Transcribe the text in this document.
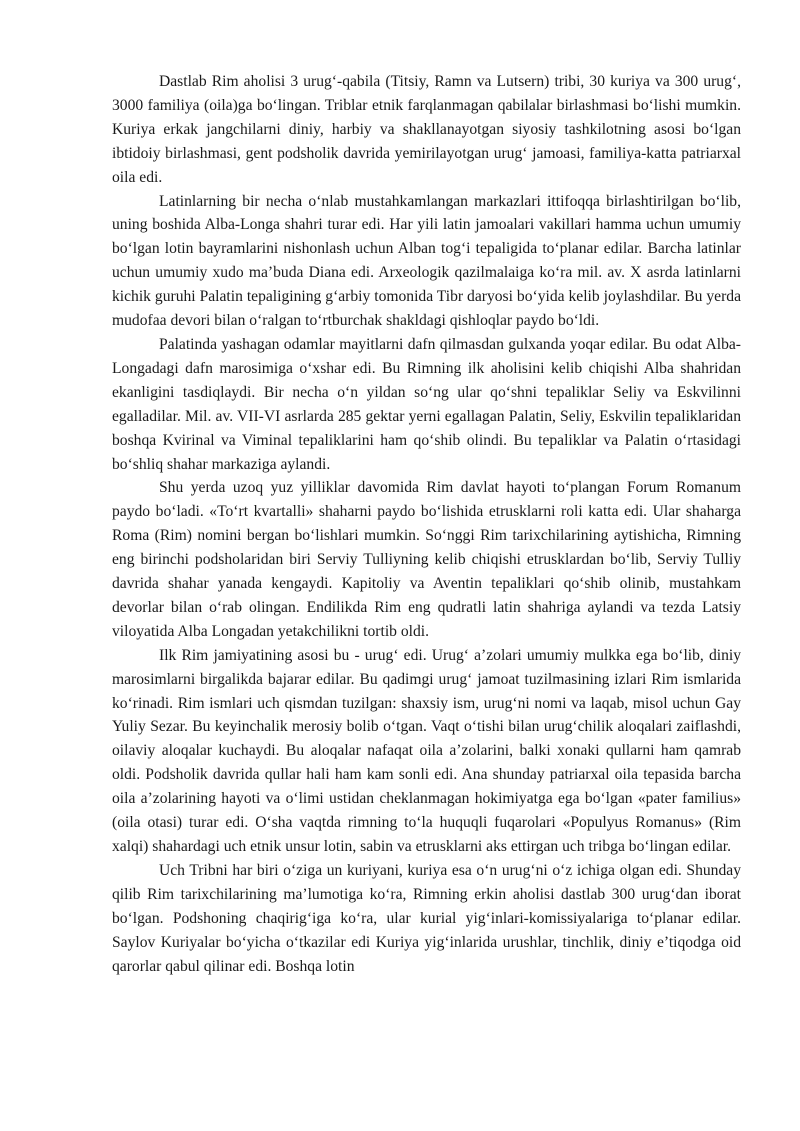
Dastlab Rim aholisi 3 urug‘-qabila (Titsiy, Ramn va Lutsern) tribi, 30 kuriya va 300 urug‘, 3000 familiya (oila)ga bo‘lingan. Triblar etnik farqlanmagan qabilalar birlashmasi bo‘lishi mumkin. Kuriya erkak jangchilarni diniy, harbiy va shakllanayotgan siyosiy tashkilotning asosi bo‘lgan ibtidoiy birlashmasi, gent podsholik davrida yemirilayotgan urug‘ jamoasi, familiya-katta patriarxal oila edi.

Latinlarning bir necha o‘nlab mustahkamlangan markazlari ittifoqqa birlashtirilgan bo‘lib, uning boshida Alba-Longa shahri turar edi. Har yili latin jamoalari vakillari hamma uchun umumiy bo‘lgan lotin bayramlarini nishonlash uchun Alban tog‘i tepaligida to‘planar edilar. Barcha latinlar uchun umumiy xudo ma’buda Diana edi. Arxeologik qazilmalaiga ko‘ra mil. av. X asrda latinlarni kichik guruhi Palatin tepaligining g‘arbiy tomonida Tibr daryosi bo‘yida kelib joylashdilar. Bu yerda mudofaa devori bilan o‘ralgan to‘rtburchak shakldagi qishloqlar paydo bo‘ldi.

Palatinda yashagan odamlar mayitlarni dafn qilmasdan gulxanda yoqar edilar. Bu odat Alba-Longadagi dafn marosimiga o‘xshar edi. Bu Rimning ilk aholisini kelib chiqishi Alba shahridan ekanligini tasdiqlaydi. Bir necha o‘n yildan so‘ng ular qo‘shni tepaliklar Seliy va Eskvilinni egalladilar. Mil. av. VII-VI asrlarda 285 gektar yerni egallagan Palatin, Seliy, Eskvilin tepaliklaridan boshqa Kvirinal va Viminal tepaliklarini ham qo‘shib olindi. Bu tepaliklar va Palatin o‘rtasidagi bo‘shliq shahar markaziga aylandi.

Shu yerda uzoq yuz yilliklar davomida Rim davlat hayoti to‘plangan Forum Romanum paydo bo‘ladi. «To‘rt kvartalli» shaharni paydo bo‘lishida etrusklarni roli katta edi. Ular shaharga Roma (Rim) nomini bergan bo‘lishlari mumkin. So‘nggi Rim tarixchilarining aytishicha, Rimning eng birinchi podsholaridan biri Serviy Tulliyning kelib chiqishi etrusklardan bo‘lib, Serviy Tulliy davrida shahar yanada kengaydi. Kapitoliy va Aventin tepaliklari qo‘shib olinib, mustahkam devorlar bilan o‘rab olingan. Endilikda Rim eng qudratli latin shahriga aylandi va tezda Latsiy viloyatida Alba Longadan yetakchilikni tortib oldi.

Ilk Rim jamiyatining asosi bu - urug‘ edi. Urug‘ a’zolari umumiy mulkka ega bo‘lib, diniy marosimlarni birgalikda bajarar edilar. Bu qadimgi urug‘ jamoat tuzilmasining izlari Rim ismlarida ko‘rinadi. Rim ismlari uch qismdan tuzilgan: shaxsiy ism, urug‘ni nomi va laqab, misol uchun Gay Yuliy Sezar. Bu keyinchalik merosiy bolib o‘tgan. Vaqt o‘tishi bilan urug‘chilik aloqalari zaiflashdi, oilaviy aloqalar kuchaydi. Bu aloqalar nafaqat oila a’zolarini, balki xonaki qullarni ham qamrab oldi. Podsholik davrida qullar hali ham kam sonli edi. Ana shunday patriarxal oila tepasida barcha oila a’zolarining hayoti va o‘limi ustidan cheklanmagan hokimiyatga ega bo‘lgan «pater familius» (oila otasi) turar edi. O‘sha vaqtda rimning to‘la huquqli fuqarolari «Populyus Romanus» (Rim xalqi) shahardagi uch etnik unsur lotin, sabin va etrusklarni aks ettirgan uch tribga bo‘lingan edilar.

Uch Tribni har biri o‘ziga un kuriyani, kuriya esa o‘n urug‘ni o‘z ichiga olgan edi. Shunday qilib Rim tarixchilarining ma’lumotiga ko‘ra, Rimning erkin aholisi dastlab 300 urug‘dan iborat bo‘lgan. Podshoning chaqirig‘iga ko‘ra, ular kurial yig‘inlari-komissiyalariga to‘planar edilar. Saylov Kuriyalar bo‘yicha o‘tkazilar edi Kuriya yig‘inlarida urushlar, tinchlik, diniy e’tiqodga oid qarorlar qabul qilinar edi. Boshqa lotin
